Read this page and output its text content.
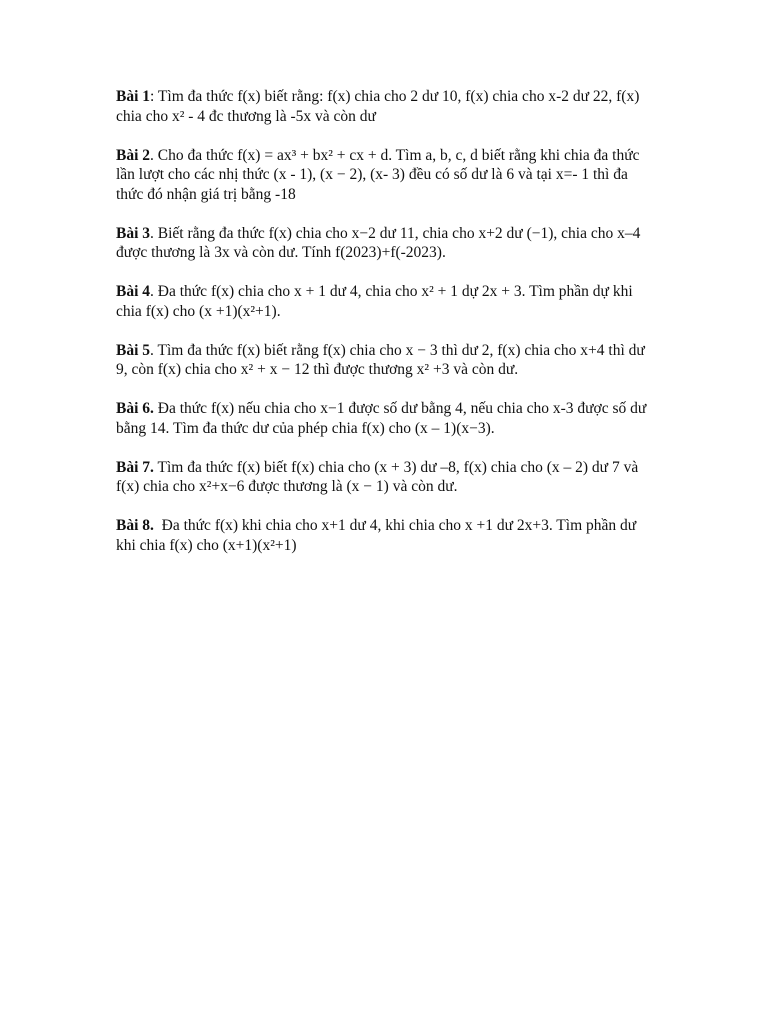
Bài 1: Tìm đa thức f(x) biết rằng: f(x) chia cho 2 dư 10, f(x) chia cho x-2 dư 22, f(x) chia cho x² - 4 đc thương là -5x và còn dư

Bài 2. Cho đa thức f(x) = ax³ + bx² + cx + d. Tìm a, b, c, d biết rằng khi chia đa thức lần lượt cho các nhị thức (x - 1), (x − 2), (x- 3) đều có số dư là 6 và tại x=- 1 thì đa thức đó nhận giá trị bằng -18

Bài 3. Biết rằng đa thức f(x) chia cho x−2 dư 11, chia cho x+2 dư (−1), chia cho x–4 được thương là 3x và còn dư. Tính f(2023)+f(-2023).

Bài 4. Đa thức f(x) chia cho x + 1 dư 4, chia cho x² + 1 dự 2x + 3. Tìm phần dự khi chia f(x) cho (x +1)(x²+1).

Bài 5. Tìm đa thức f(x) biết rằng f(x) chia cho x − 3 thì dư 2, f(x) chia cho x+4 thì dư 9, còn f(x) chia cho x² + x − 12 thì được thương x² +3 và còn dư.

Bài 6. Đa thức f(x) nếu chia cho x−1 được số dư bằng 4, nếu chia cho x-3 được số dư bằng 14. Tìm đa thức dư của phép chia f(x) cho (x – 1)(x−3).

Bài 7. Tìm đa thức f(x) biết f(x) chia cho (x + 3) dư –8, f(x) chia cho (x – 2) dư 7 và f(x) chia cho x²+x−6 được thương là (x − 1) và còn dư.

Bài 8.  Đa thức f(x) khi chia cho x+1 dư 4, khi chia cho x +1 dư 2x+3. Tìm phần dư khi chia f(x) cho (x+1)(x²+1)
